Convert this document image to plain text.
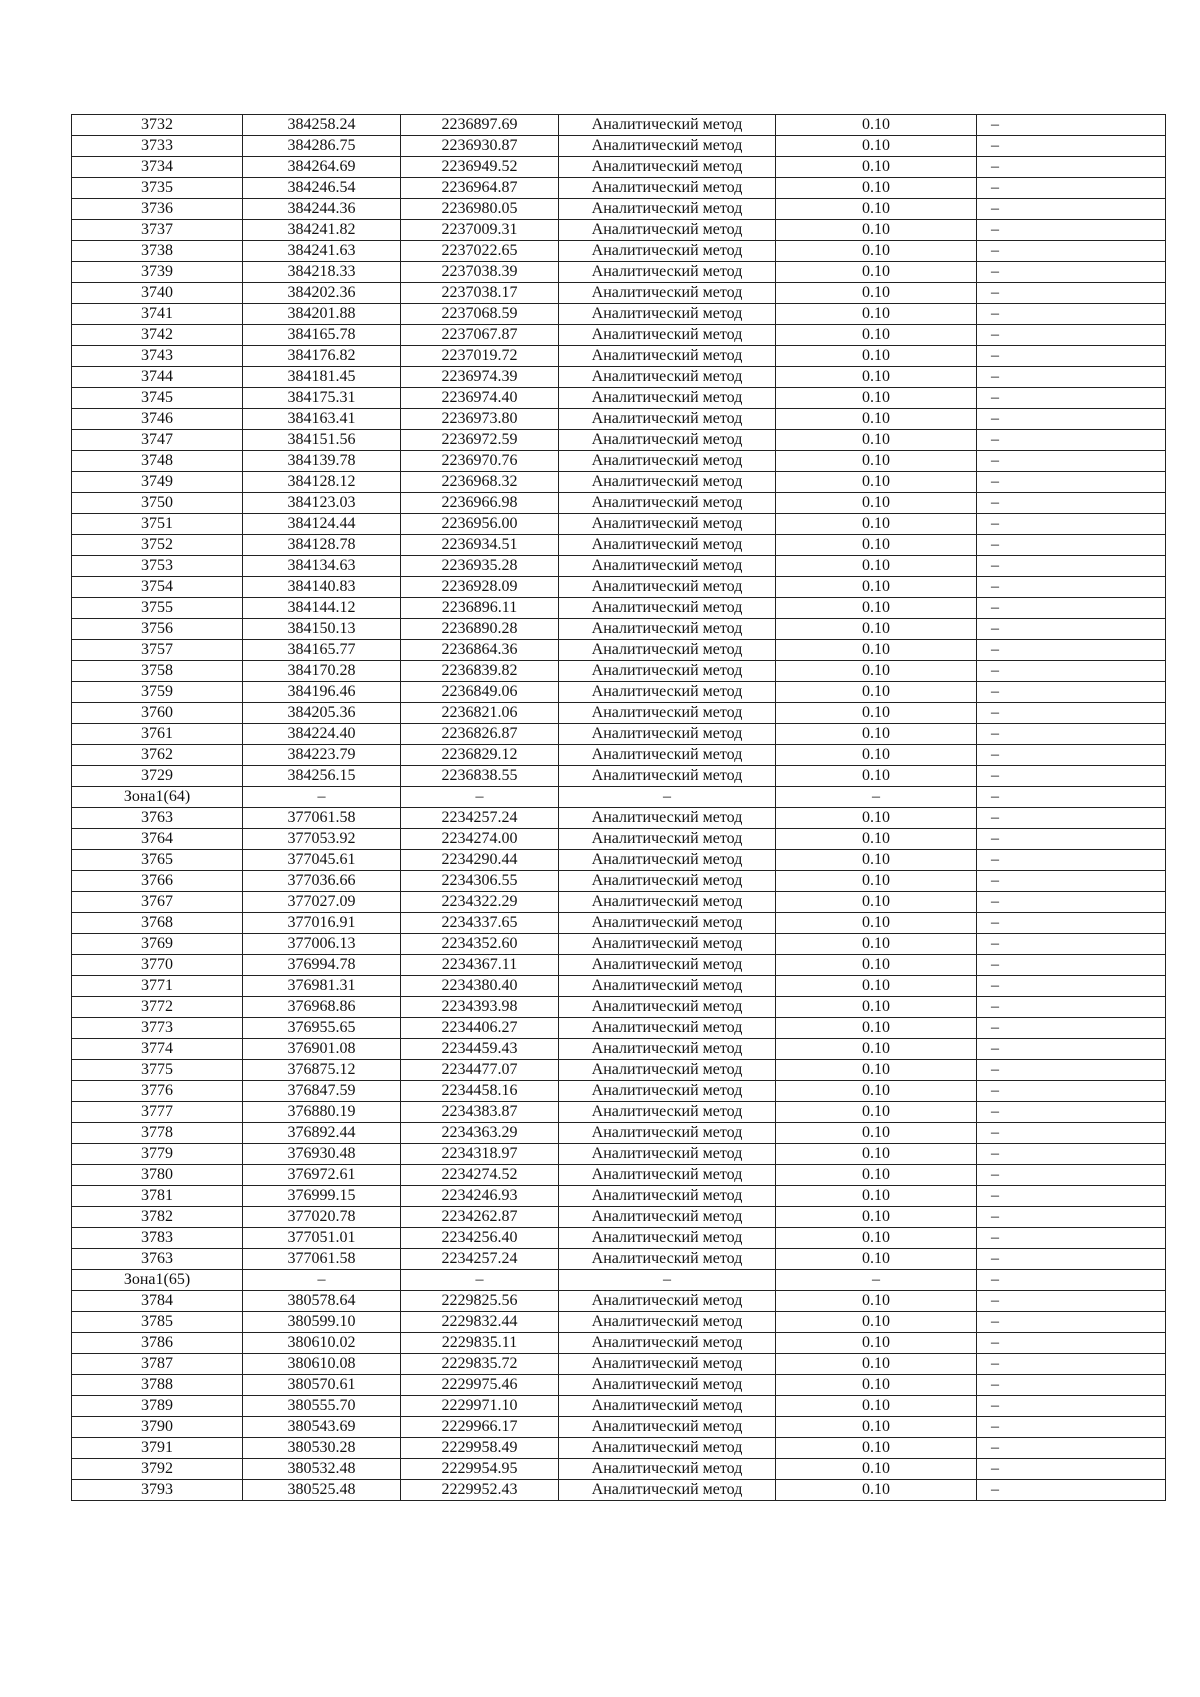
3732	384258.24	2236897.69	Аналитический метод	0.10	–
3733	384286.75	2236930.87	Аналитический метод	0.10	–
3734	384264.69	2236949.52	Аналитический метод	0.10	–
3735	384246.54	2236964.87	Аналитический метод	0.10	–
3736	384244.36	2236980.05	Аналитический метод	0.10	–
3737	384241.82	2237009.31	Аналитический метод	0.10	–
3738	384241.63	2237022.65	Аналитический метод	0.10	–
3739	384218.33	2237038.39	Аналитический метод	0.10	–
3740	384202.36	2237038.17	Аналитический метод	0.10	–
3741	384201.88	2237068.59	Аналитический метод	0.10	–
3742	384165.78	2237067.87	Аналитический метод	0.10	–
3743	384176.82	2237019.72	Аналитический метод	0.10	–
3744	384181.45	2236974.39	Аналитический метод	0.10	–
3745	384175.31	2236974.40	Аналитический метод	0.10	–
3746	384163.41	2236973.80	Аналитический метод	0.10	–
3747	384151.56	2236972.59	Аналитический метод	0.10	–
3748	384139.78	2236970.76	Аналитический метод	0.10	–
3749	384128.12	2236968.32	Аналитический метод	0.10	–
3750	384123.03	2236966.98	Аналитический метод	0.10	–
3751	384124.44	2236956.00	Аналитический метод	0.10	–
3752	384128.78	2236934.51	Аналитический метод	0.10	–
3753	384134.63	2236935.28	Аналитический метод	0.10	–
3754	384140.83	2236928.09	Аналитический метод	0.10	–
3755	384144.12	2236896.11	Аналитический метод	0.10	–
3756	384150.13	2236890.28	Аналитический метод	0.10	–
3757	384165.77	2236864.36	Аналитический метод	0.10	–
3758	384170.28	2236839.82	Аналитический метод	0.10	–
3759	384196.46	2236849.06	Аналитический метод	0.10	–
3760	384205.36	2236821.06	Аналитический метод	0.10	–
3761	384224.40	2236826.87	Аналитический метод	0.10	–
3762	384223.79	2236829.12	Аналитический метод	0.10	–
3729	384256.15	2236838.55	Аналитический метод	0.10	–
Зона1(64)	–	–	–	–	–
3763	377061.58	2234257.24	Аналитический метод	0.10	–
3764	377053.92	2234274.00	Аналитический метод	0.10	–
3765	377045.61	2234290.44	Аналитический метод	0.10	–
3766	377036.66	2234306.55	Аналитический метод	0.10	–
3767	377027.09	2234322.29	Аналитический метод	0.10	–
3768	377016.91	2234337.65	Аналитический метод	0.10	–
3769	377006.13	2234352.60	Аналитический метод	0.10	–
3770	376994.78	2234367.11	Аналитический метод	0.10	–
3771	376981.31	2234380.40	Аналитический метод	0.10	–
3772	376968.86	2234393.98	Аналитический метод	0.10	–
3773	376955.65	2234406.27	Аналитический метод	0.10	–
3774	376901.08	2234459.43	Аналитический метод	0.10	–
3775	376875.12	2234477.07	Аналитический метод	0.10	–
3776	376847.59	2234458.16	Аналитический метод	0.10	–
3777	376880.19	2234383.87	Аналитический метод	0.10	–
3778	376892.44	2234363.29	Аналитический метод	0.10	–
3779	376930.48	2234318.97	Аналитический метод	0.10	–
3780	376972.61	2234274.52	Аналитический метод	0.10	–
3781	376999.15	2234246.93	Аналитический метод	0.10	–
3782	377020.78	2234262.87	Аналитический метод	0.10	–
3783	377051.01	2234256.40	Аналитический метод	0.10	–
3763	377061.58	2234257.24	Аналитический метод	0.10	–
Зона1(65)	–	–	–	–	–
3784	380578.64	2229825.56	Аналитический метод	0.10	–
3785	380599.10	2229832.44	Аналитический метод	0.10	–
3786	380610.02	2229835.11	Аналитический метод	0.10	–
3787	380610.08	2229835.72	Аналитический метод	0.10	–
3788	380570.61	2229975.46	Аналитический метод	0.10	–
3789	380555.70	2229971.10	Аналитический метод	0.10	–
3790	380543.69	2229966.17	Аналитический метод	0.10	–
3791	380530.28	2229958.49	Аналитический метод	0.10	–
3792	380532.48	2229954.95	Аналитический метод	0.10	–
3793	380525.48	2229952.43	Аналитический метод	0.10	–
